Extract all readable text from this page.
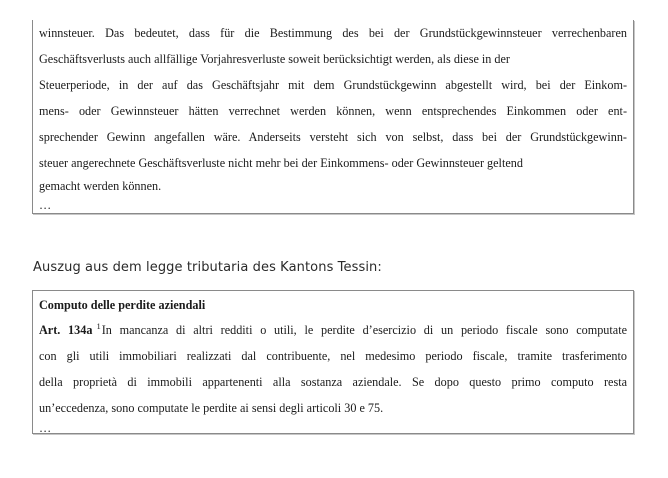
winnsteuer. Das bedeutet, dass für die Bestimmung des bei der Grundstückgewinnsteuer verrechenbaren
Geschäftsverlusts auch allfällige Vorjahresverluste soweit berücksichtigt werden, als diese in der
Steuerperiode, in der auf das Geschäftsjahr mit dem Grundstückgewinn abgestellt wird, bei der Einkom-
mens- oder Gewinnsteuer hätten verrechnet werden können, wenn entsprechendes Einkommen oder ent-
sprechender Gewinn angefallen wäre. Anderseits versteht sich von selbst, dass bei der Grundstückgewinn-
steuer angerechnete Geschäftsverluste nicht mehr bei der Einkommens- oder Gewinnsteuer geltend
gemacht werden können.
…
Auszug aus dem legge tributaria des Kantons Tessin:
Computo delle perdite aziendali
Art. 134a $^1$In mancanza di altri redditi o utili, le perdite d’esercizio di un periodo fiscale sono computate
con gli utili immobiliari realizzati dal contribuente, nel medesimo periodo fiscale, tramite trasferimento
della proprietà di immobili appartenenti alla sostanza aziendale. Se dopo questo primo computo resta
un’eccedenza, sono computate le perdite ai sensi degli articoli 30 e 75.
…
